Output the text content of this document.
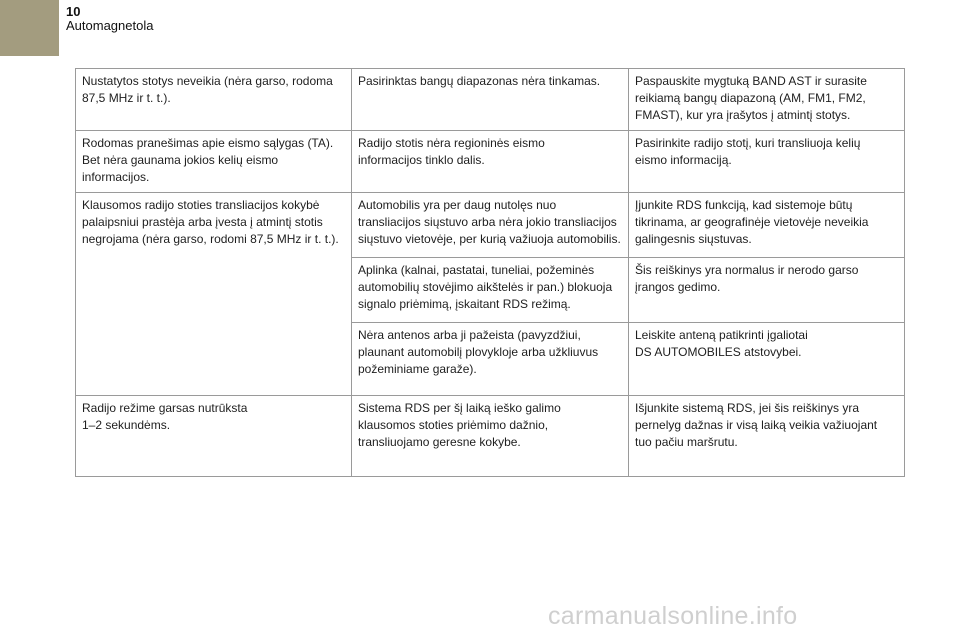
10
Automagnetola

Nustatytos stotys neveikia (nėra garso, rodoma
87,5 MHz ir t. t.).	Pasirinktas bangų diapazonas nėra tinkamas.	Paspauskite mygtuką BAND AST ir surasite
reikiamą bangų diapazoną (AM, FM1, FM2,
FMAST), kur yra įrašytos į atmintį stotys.

Rodomas pranešimas apie eismo sąlygas (TA).
Bet nėra gaunama jokios kelių eismo informacijos.	Radijo stotis nėra regioninės eismo
informacijos tinklo dalis.	Pasirinkite radijo stotį, kuri transliuoja kelių
eismo informaciją.

Klausomos radijo stoties transliacijos kokybė
palaipsniui prastėja arba įvesta į atmintį stotis
negrojama (nėra garso, rodomi 87,5 MHz ir t. t.).	Automobilis yra per daug nutolęs nuo
transliacijos siųstuvo arba nėra jokio transliacijos
siųstuvo vietovėje, per kurią važiuoja automobilis.	Įjunkite RDS funkciją, kad sistemoje būtų
tikrinama, ar geografinėje vietovėje neveikia
galingesnis siųstuvas.

	Aplinka (kalnai, pastatai, tuneliai, požeminės
automobilių stovėjimo aikštelės ir pan.) blokuoja
signalo priėmimą, įskaitant RDS režimą.	Šis reiškinys yra normalus ir nerodo garso
įrangos gedimo.

	Nėra antenos arba ji pažeista (pavyzdžiui,
plaunant automobilį plovykloje arba užkliuvus
požeminiame garaže).	Leiskite anteną patikrinti įgaliotai
DS AUTOMOBILES atstovybei.

Radijo režime garsas nutrūksta
1–2 sekundėms.	Sistema RDS per šį laiką ieško galimo
klausomos stoties priėmimo dažnio,
transliuojamo geresne kokybe.	Išjunkite sistemą RDS, jei šis reiškinys yra
pernelyg dažnas ir visą laiką veikia važiuojant
tuo pačiu maršrutu.

carmanualsonline.info
